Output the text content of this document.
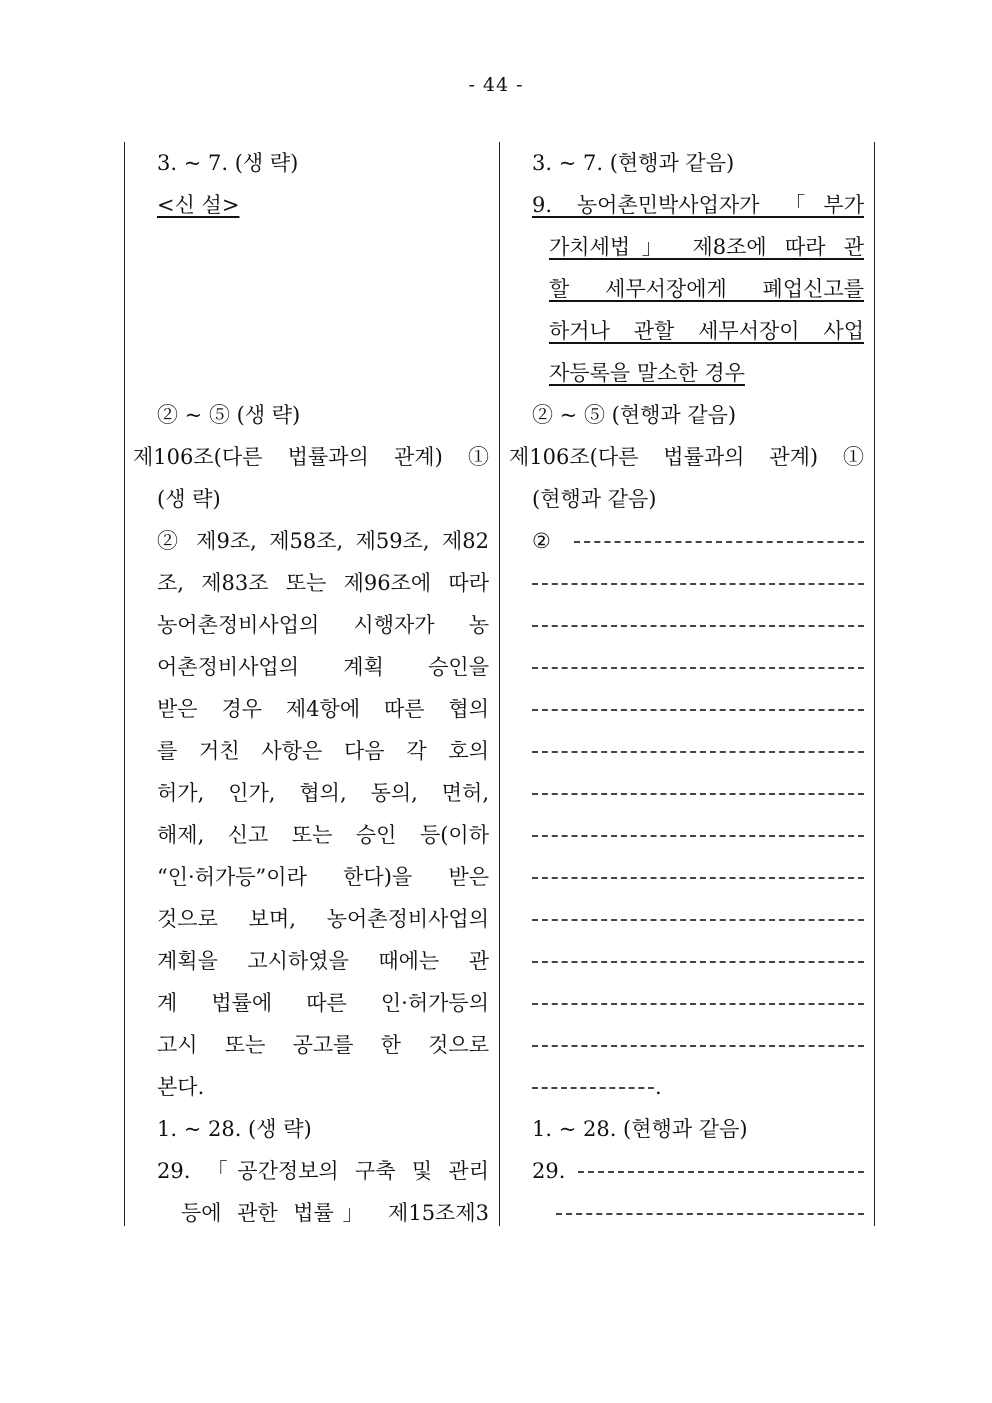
- 44 -
3. ~ 7. (생 략)
<신 설>
② ~ ⑤ (생 략)
제106조(다른 법률과의 관계) ①
(생 략)
② 제9조, 제58조, 제59조, 제82
조, 제83조 또는 제96조에 따라
농어촌정비사업의 시행자가 농
어촌정비사업의 계획 승인을
받은 경우 제4항에 따른 협의
를 거친 사항은 다음 각 호의
허가, 인가, 협의, 동의, 면허,
해제, 신고 또는 승인 등(이하
“인·허가등”이라 한다)을 받은
것으로 보며, 농어촌정비사업의
계획을 고시하였을 때에는 관
계 법률에 따른 인·허가등의
고시 또는 공고를 한 것으로
본다.
1. ~ 28. (생 략)
29. 「공간정보의 구축 및 관리
등에 관한 법률」 제15조제3
3. ~ 7. (현행과 같음)
9. 농어촌민박사업자가 「부가
가치세법」 제8조에 따라 관
할 세무서장에게 폐업신고를
하거나 관할 세무서장이 사업
자등록을 말소한 경우
② ~ ⑤ (현행과 같음)
제106조(다른 법률과의 관계) ①
(현행과 같음)
②
.
1. ~ 28. (현행과 같음)
29.
